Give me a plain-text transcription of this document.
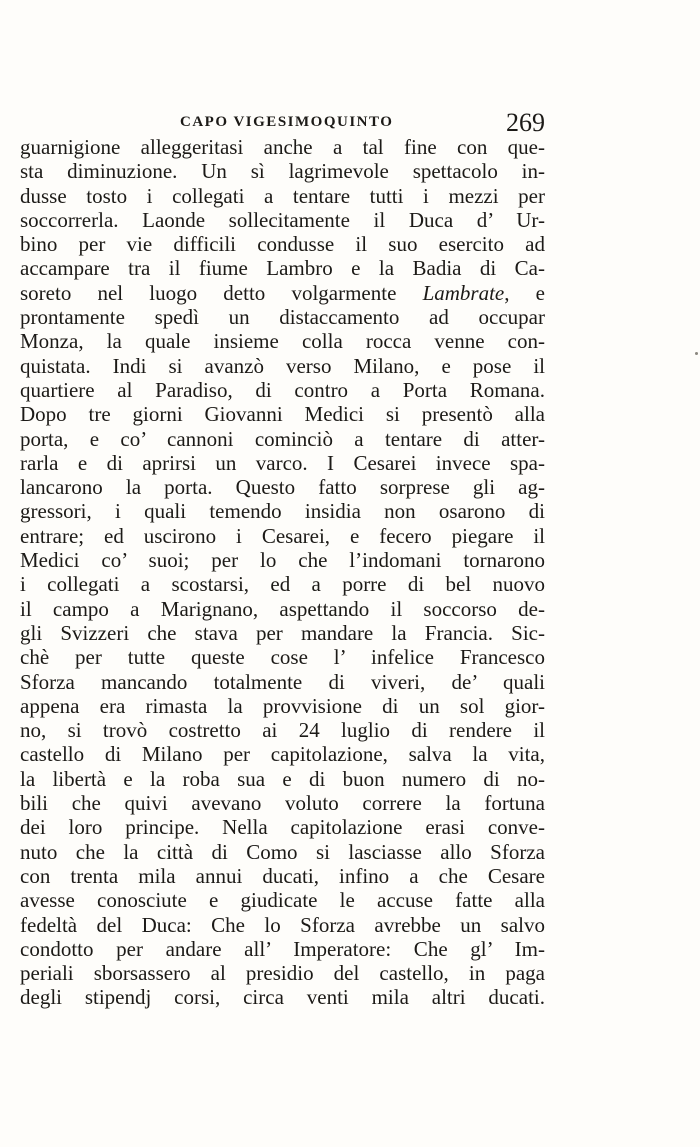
CAPO VIGESIMOQUINTO	269
guarnigione alleggeritasi anche a tal fine con que-
sta diminuzione. Un sì lagrimevole spettacolo in-
dusse tosto i collegati a tentare tutti i mezzi per
soccorrerla. Laonde sollecitamente il Duca d’ Ur-
bino per vie difficili condusse il suo esercito ad
accampare tra il fiume Lambro e la Badia di Ca-
soreto nel luogo detto volgarmente Lambrate, e
prontamente spedì un distaccamento ad occupar
Monza, la quale insieme colla rocca venne con-
quistata. Indi si avanzò verso Milano, e pose il
quartiere al Paradiso, di contro a Porta Romana.
Dopo tre giorni Giovanni Medici si presentò alla
porta, e co’ cannoni cominciò a tentare di atter-
rarla e di aprirsi un varco. I Cesarei invece spa-
lancarono la porta. Questo fatto sorprese gli ag-
gressori, i quali temendo insidia non osarono di
entrare; ed uscirono i Cesarei, e fecero piegare il
Medici co’ suoi; per lo che l’indomani tornarono
i collegati a scostarsi, ed a porre di bel nuovo
il campo a Marignano, aspettando il soccorso de-
gli Svizzeri che stava per mandare la Francia. Sic-
chè per tutte queste cose l’ infelice Francesco
Sforza mancando totalmente di viveri, de’ quali
appena era rimasta la provvisione di un sol gior-
no, si trovò costretto ai 24 luglio di rendere il
castello di Milano per capitolazione, salva la vita,
la libertà e la roba sua e di buon numero di no-
bili che quivi avevano voluto correre la fortuna
dei loro principe. Nella capitolazione erasi conve-
nuto che la città di Como si lasciasse allo Sforza
con trenta mila annui ducati, infino a che Cesare
avesse conosciute e giudicate le accuse fatte alla
fedeltà del Duca: Che lo Sforza avrebbe un salvo
condotto per andare all’ Imperatore: Che gl’ Im-
periali sborsassero al presidio del castello, in paga
degli stipendj corsi, circa venti mila altri ducati.
